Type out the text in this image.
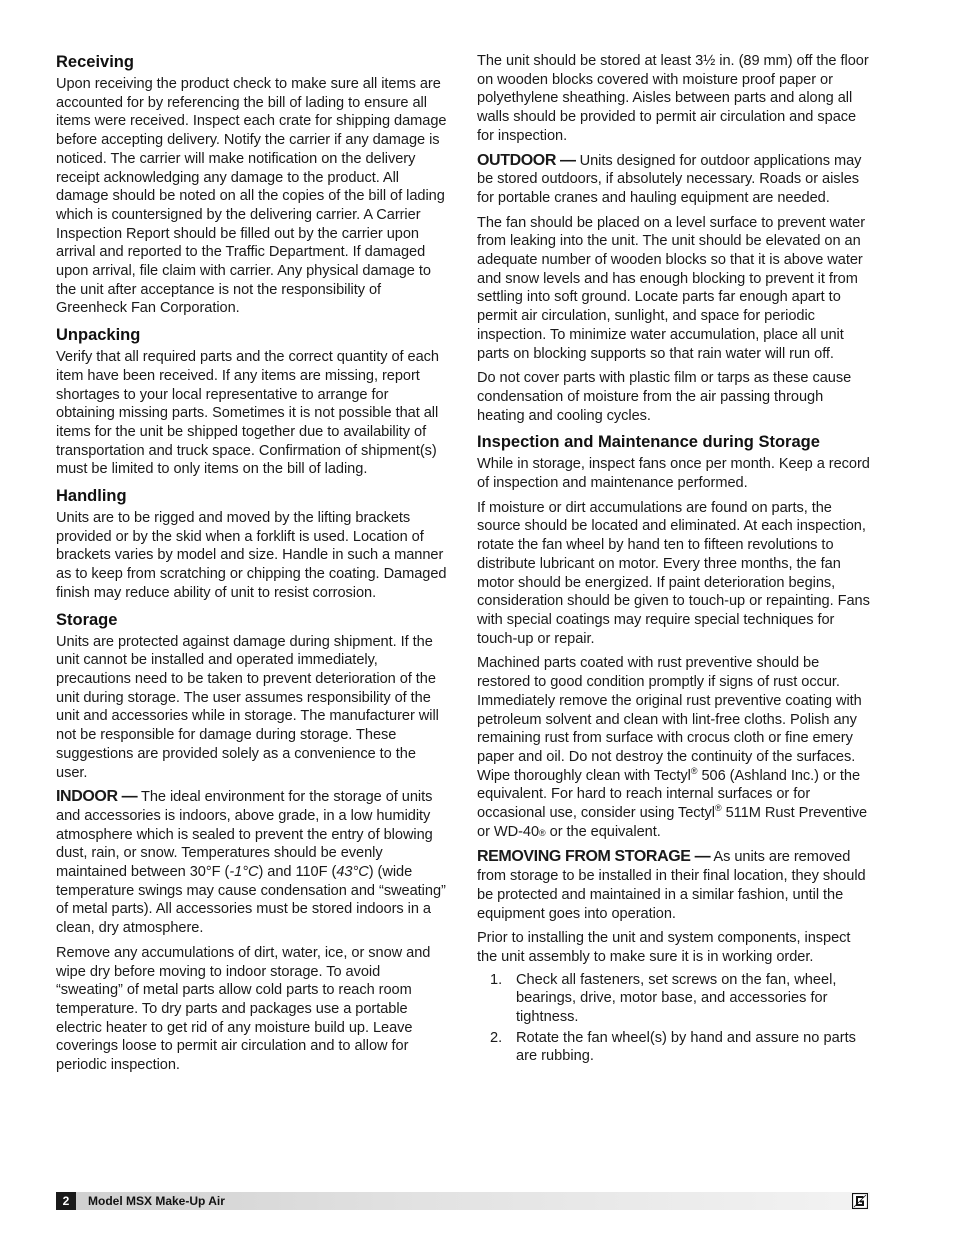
Receiving

Upon receiving the product check to make sure all items are accounted for by referencing the bill of lading to ensure all items were received. Inspect each crate for shipping damage before accepting delivery. Notify the carrier if any damage is noticed. The carrier will make notification on the delivery receipt acknowledging any damage to the product. All damage should be noted on all the copies of the bill of lading which is countersigned by the delivering carrier. A Carrier Inspection Report should be filled out by the carrier upon arrival and reported to the Traffic Department. If damaged upon arrival, file claim with carrier. Any physical damage to the unit after acceptance is not the responsibility of Greenheck Fan Corporation.

Unpacking

Verify that all required parts and the correct quantity of each item have been received. If any items are missing, report shortages to your local representative to arrange for obtaining missing parts. Sometimes it is not possible that all items for the unit be shipped together due to availability of transportation and truck space. Confirmation of shipment(s) must be limited to only items on the bill of lading.

Handling

Units are to be rigged and moved by the lifting brackets provided or by the skid when a forklift is used. Location of brackets varies by model and size. Handle in such a manner as to keep from scratching or chipping the coating. Damaged finish may reduce ability of unit to resist corrosion.

Storage

Units are protected against damage during shipment. If the unit cannot be installed and operated immediately, precautions need to be taken to prevent deterioration of the unit during storage. The user assumes responsibility of the unit and accessories while in storage. The manufacturer will not be responsible for damage during storage. These suggestions are provided solely as a convenience to the user.

INDOOR — The ideal environment for the storage of units and accessories is indoors, above grade, in a low humidity atmosphere which is sealed to prevent the entry of blowing dust, rain, or snow. Temperatures should be evenly maintained between 30°F (-1°C) and 110F (43°C) (wide temperature swings may cause condensation and “sweating” of metal parts). All accessories must be stored indoors in a clean, dry atmosphere.

Remove any accumulations of dirt, water, ice, or snow and wipe dry before moving to indoor storage. To avoid “sweating” of metal parts allow cold parts to reach room temperature. To dry parts and packages use a portable electric heater to get rid of any moisture build up. Leave coverings loose to permit air circulation and to allow for periodic inspection.

The unit should be stored at least 3½ in. (89 mm) off the floor on wooden blocks covered with moisture proof paper or polyethylene sheathing. Aisles between parts and along all walls should be provided to permit air circulation and space for inspection.

OUTDOOR — Units designed for outdoor applications may be stored outdoors, if absolutely necessary. Roads or aisles for portable cranes and hauling equipment are needed.

The fan should be placed on a level surface to prevent water from leaking into the unit. The unit should be elevated on an adequate number of wooden blocks so that it is above water and snow levels and has enough blocking to prevent it from settling into soft ground. Locate parts far enough apart to permit air circulation, sunlight, and space for periodic inspection. To minimize water accumulation, place all unit parts on blocking supports so that rain water will run off.

Do not cover parts with plastic film or tarps as these cause condensation of moisture from the air passing through heating and cooling cycles.

Inspection and Maintenance during Storage

While in storage, inspect fans once per month. Keep a record of inspection and maintenance performed.

If moisture or dirt accumulations are found on parts, the source should be located and eliminated. At each inspection, rotate the fan wheel by hand ten to fifteen revolutions to distribute lubricant on motor. Every three months, the fan motor should be energized. If paint deterioration begins, consideration should be given to touch-up or repainting. Fans with special coatings may require special techniques for touch-up or repair.

Machined parts coated with rust preventive should be restored to good condition promptly if signs of rust occur. Immediately remove the original rust preventive coating with petroleum solvent and clean with lint-free cloths. Polish any remaining rust from surface with crocus cloth or fine emery paper and oil. Do not destroy the continuity of the surfaces. Wipe thoroughly clean with Tectyl® 506 (Ashland Inc.) or the equivalent. For hard to reach internal surfaces or for occasional use, consider using Tectyl® 511M Rust Preventive or WD-40® or the equivalent.

REMOVING FROM STORAGE — As units are removed from storage to be installed in their final location, they should be protected and maintained in a similar fashion, until the equipment goes into operation.

Prior to installing the unit and system components, inspect the unit assembly to make sure it is in working order.

1. Check all fasteners, set screws on the fan, wheel, bearings, drive, motor base, and accessories for tightness.
2. Rotate the fan wheel(s) by hand and assure no parts are rubbing.
2	Model MSX Make-Up Air
